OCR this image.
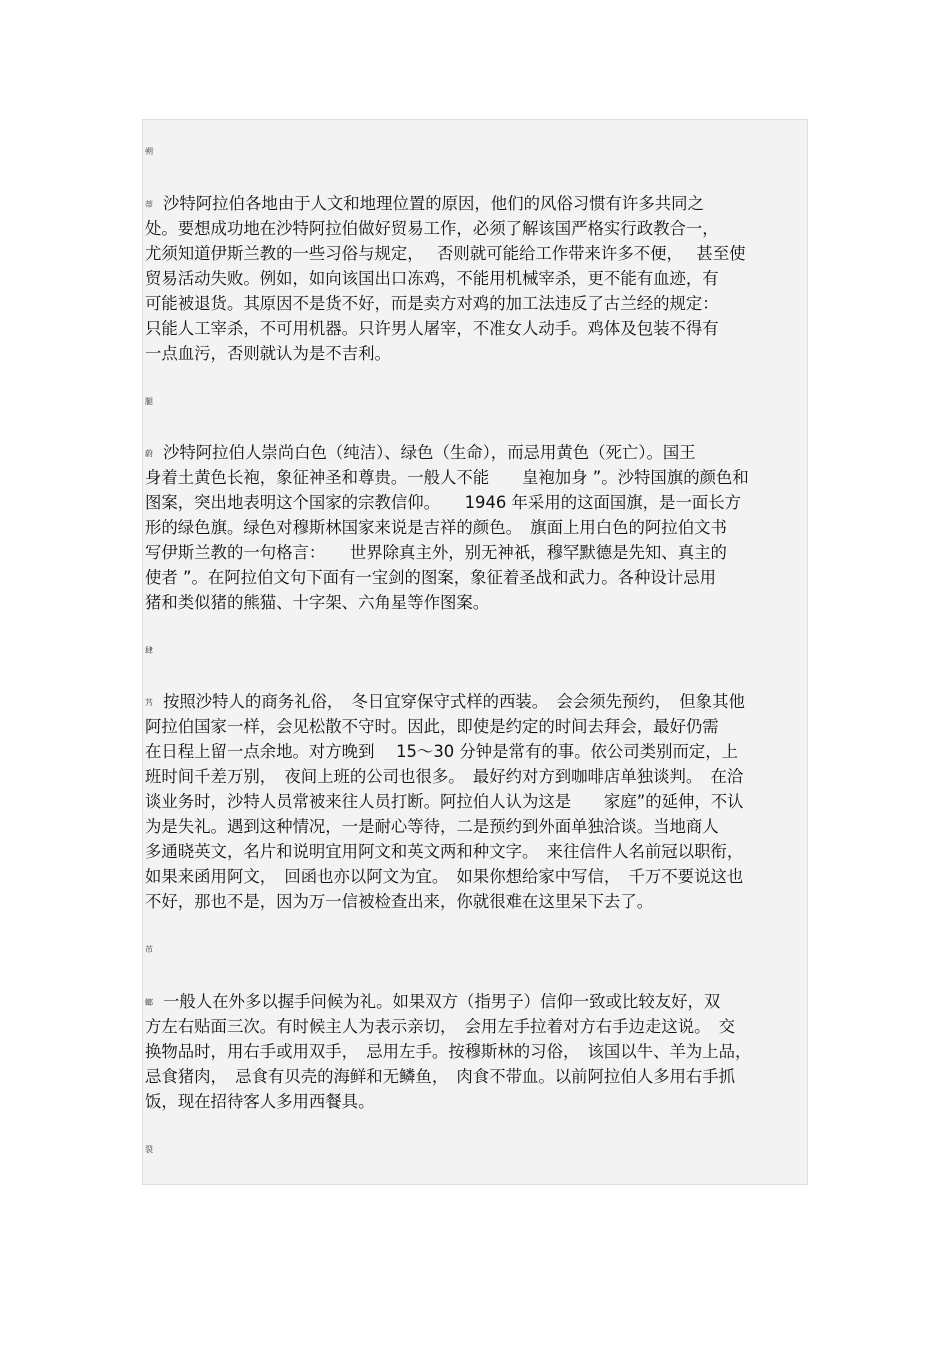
朔
蒂 沙特阿拉伯各地由于人文和地理位置的原因，他们的风俗习惯有许多共同之
处。要想成功地在沙特阿拉伯做好贸易工作，必须了解该国严格实行政教合一，
尤须知道伊斯兰教的一些习俗与规定，　 否则就可能给工作带来许多不便，　 甚至使
贸易活动失败。例如，如向该国出口冻鸡，不能用机械宰杀，更不能有血迹，有
可能被退货。其原因不是货不好，而是卖方对鸡的加工法违反了古兰经的规定：
只能人工宰杀，不可用机器。只许男人屠宰，不准女人动手。鸡体及包装不得有
一点血污，否则就认为是不吉利。
腿
蔚 沙特阿拉伯人崇尚白色（纯洁）、绿色（生命），而忌用黄色（死亡）。国王
身着土黄色长袍，象征神圣和尊贵。一般人不能　　皇袍加身 ”。沙特国旗的颜色和
图案，突出地表明这个国家的宗教信仰。　　1946 年采用的这面国旗，是一面长方
形的绿色旗。绿色对穆斯林国家来说是吉祥的颜色。　旗面上用白色的阿拉伯文书
写伊斯兰教的一句格言：　　世界除真主外，别无神祇，穆罕默德是先知、真主的
使者 ”。在阿拉伯文句下面有一宝剑的图案，象征着圣战和武力。各种设计忌用
猪和类似猪的熊猫、十字架、六角星等作图案。
肆
艿 按照沙特人的商务礼俗，　冬日宜穿保守式样的西装。　会会须先预约，　但象其他
阿拉伯国家一样，会见松散不守时。因此，即使是约定的时间去拜会，最好仍需
在日程上留一点余地。对方晚到　 15～30 分钟是常有的事。依公司类别而定，上
班时间千差万别，　夜间上班的公司也很多。　最好约对方到咖啡店单独谈判。　在洽
谈业务时，沙特人员常被来往人员打断。阿拉伯人认为这是　　家庭”的延伸，不认
为是失礼。遇到这种情况，一是耐心等待，二是预约到外面单独洽谈。当地商人
多通晓英文，名片和说明宜用阿文和英文两和种文字。　来往信件人名前冠以职衔，
如果来函用阿文，　回函也亦以阿文为宜。　如果你想给家中写信，　千万不要说这也
不好，那也不是，因为万一信被检查出来，你就很难在这里呆下去了。
芇
螂 一般人在外多以握手问候为礼。如果双方（指男子）信仰一致或比较友好，双
方左右贴面三次。有时候主人为表示亲切，　会用左手拉着对方右手边走这说。　交
换物品时，用右手或用双手，　忌用左手。按穆斯林的习俗，　该国以牛、羊为上品，
忌食猪肉，　忌食有贝壳的海鲜和无鳞鱼，　肉食不带血。以前阿拉伯人多用右手抓
饭，现在招待客人多用西餐具。
裂
